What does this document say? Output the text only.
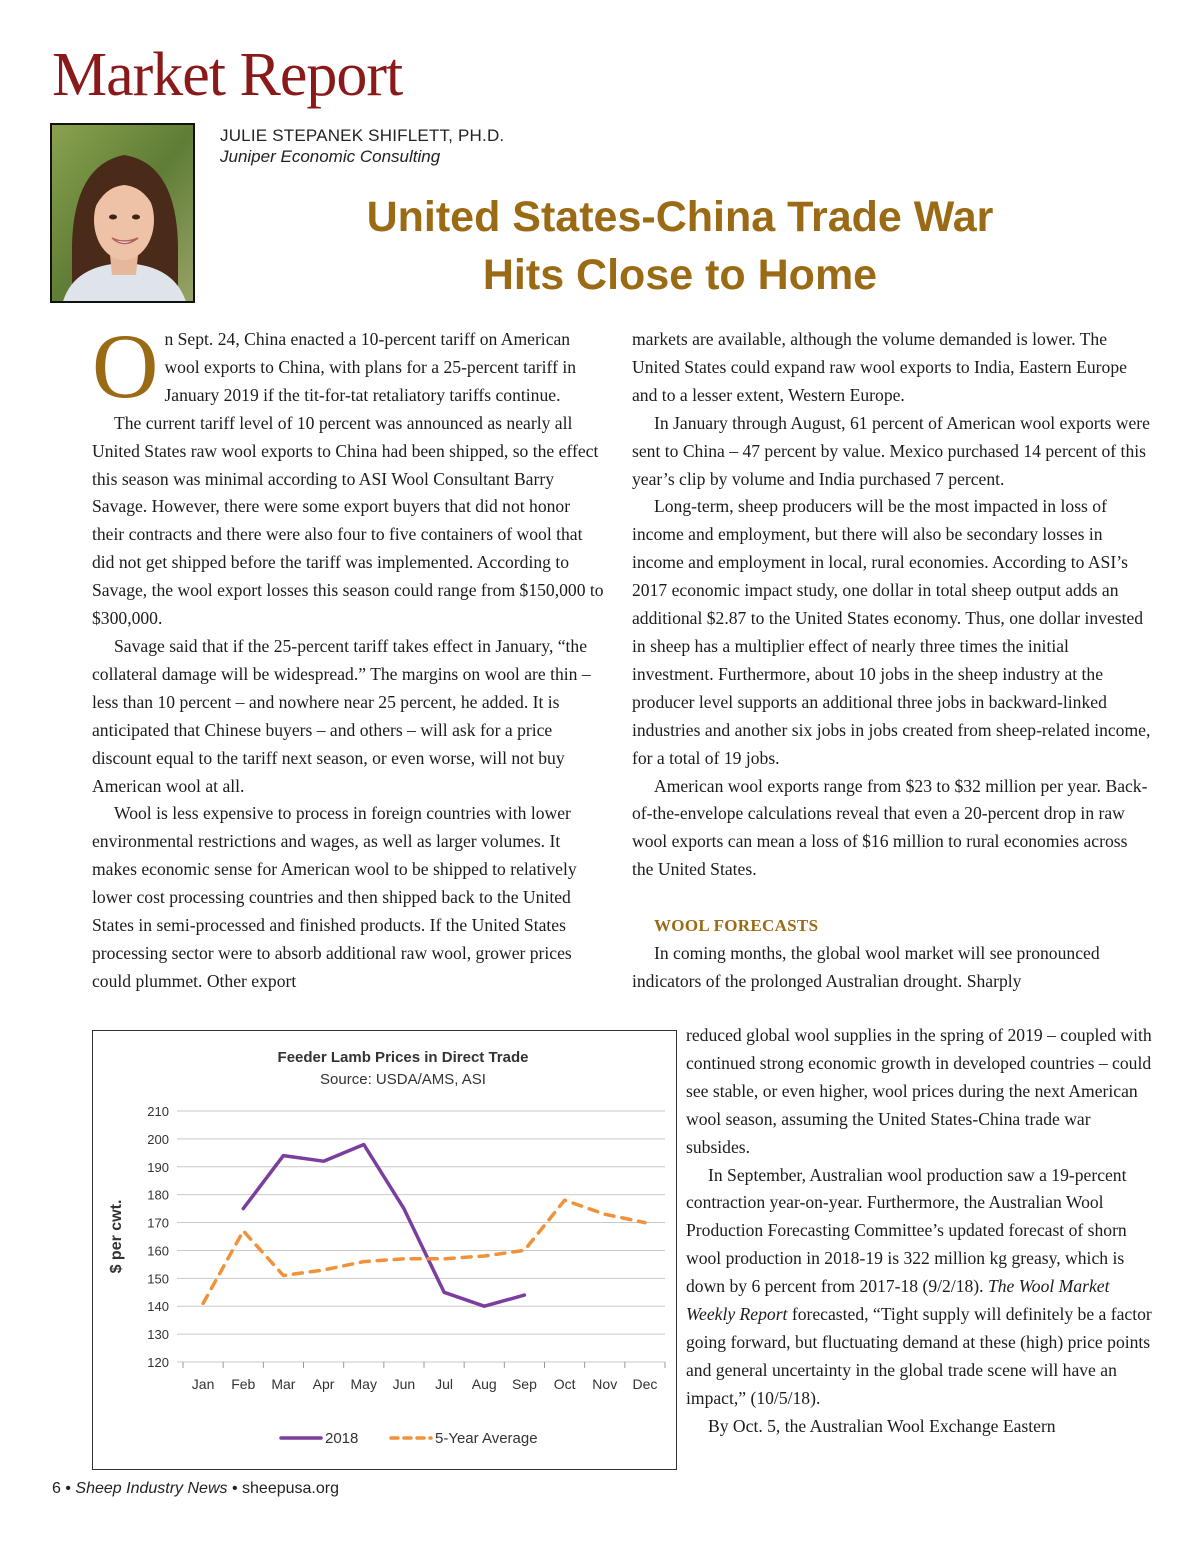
Market Report
JULIE STEPANEK SHIFLETT, PH.D.
Juniper Economic Consulting
United States-China Trade War
Hits Close to Home

On Sept. 24, China enacted a 10-percent tariff on American wool exports to China, with plans for a 25-percent tariff in January 2019 if the tit-for-tat retaliatory tariffs continue.

The current tariff level of 10 percent was announced as nearly all United States raw wool exports to China had been shipped, so the effect this season was minimal according to ASI Wool Consultant Barry Savage. However, there were some export buyers that did not honor their contracts and there were also four to five containers of wool that did not get shipped before the tariff was implemented. According to Savage, the wool export losses this season could range from $150,000 to $300,000.

Savage said that if the 25-percent tariff takes effect in January, “the collateral damage will be widespread.” The margins on wool are thin – less than 10 percent – and nowhere near 25 percent, he added. It is anticipated that Chinese buyers – and others – will ask for a price discount equal to the tariff next season, or even worse, will not buy American wool at all.

Wool is less expensive to process in foreign countries with lower environmental restrictions and wages, as well as larger volumes. It makes economic sense for American wool to be shipped to relatively lower cost processing countries and then shipped back to the United States in semi-processed and finished products. If the United States processing sector were to absorb additional raw wool, grower prices could plummet. Other export

markets are available, although the volume demanded is lower. The United States could expand raw wool exports to India, Eastern Europe and to a lesser extent, Western Europe.

In January through August, 61 percent of American wool exports were sent to China – 47 percent by value. Mexico purchased 14 percent of this year’s clip by volume and India purchased 7 percent.

Long-term, sheep producers will be the most impacted in loss of income and employment, but there will also be secondary losses in income and employment in local, rural economies. According to ASI’s 2017 economic impact study, one dollar in total sheep output adds an additional $2.87 to the United States economy. Thus, one dollar invested in sheep has a multiplier effect of nearly three times the initial investment. Furthermore, about 10 jobs in the sheep industry at the producer level supports an additional three jobs in backward-linked industries and another six jobs in jobs created from sheep-related income, for a total of 19 jobs.

American wool exports range from $23 to $32 million per year. Back-of-the-envelope calculations reveal that even a 20-percent drop in raw wool exports can mean a loss of $16 million to rural economies across the United States.

WOOL FORECASTS

In coming months, the global wool market will see pronounced indicators of the prolonged Australian drought. Sharply

reduced global wool supplies in the spring of 2019 – coupled with continued strong economic growth in developed countries – could see stable, or even higher, wool prices during the next American wool season, assuming the United States-China trade war subsides.

In September, Australian wool production saw a 19-percent contraction year-on-year. Furthermore, the Australian Wool Production Forecasting Committee’s updated forecast of shorn wool production in 2018-19 is 322 million kg greasy, which is down by 6 percent from 2017-18 (9/2/18). The Wool Market Weekly Report forecasted, “Tight supply will definitely be a factor going forward, but fluctuating demand at these (high) price points and general uncertainty in the global trade scene will have an impact,” (10/5/18).

By Oct. 5, the Australian Wool Exchange Eastern

Feeder Lamb Prices in Direct Trade
Source: USDA/AMS, ASI
120
130
140
150
160
170
180
190
200
210
Jan Feb Mar Apr May Jun Jul Aug Sep Oct Nov Dec
$ per cwt.
2018	5-Year Average
6 • Sheep Industry News • sheepusa.org
